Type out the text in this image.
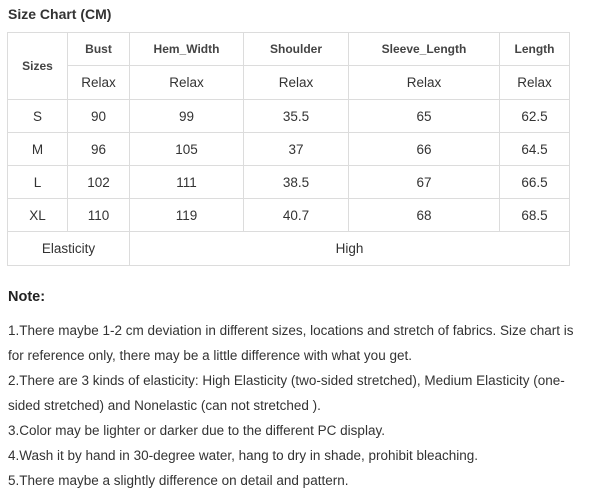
Size Chart (CM)
Sizes	Bust	Hem_Width	Shoulder	Sleeve_Length	Length
	Relax	Relax	Relax	Relax	Relax
S	90	99	35.5	65	62.5
M	96	105	37	66	64.5
L	102	111	38.5	67	66.5
XL	110	119	40.7	68	68.5
Elasticity		High			
Note:

1.There maybe 1-2 cm deviation in different sizes, locations and stretch of fabrics. Size chart is for reference only, there may be a little difference with what you get.

2.There are 3 kinds of elasticity: High Elasticity (two-sided stretched), Medium Elasticity (one-sided stretched) and Nonelastic (can not stretched ).

3.Color may be lighter or darker due to the different PC display.

4.Wash it by hand in 30-degree water, hang to dry in shade, prohibit bleaching.

5.There maybe a slightly difference on detail and pattern.
